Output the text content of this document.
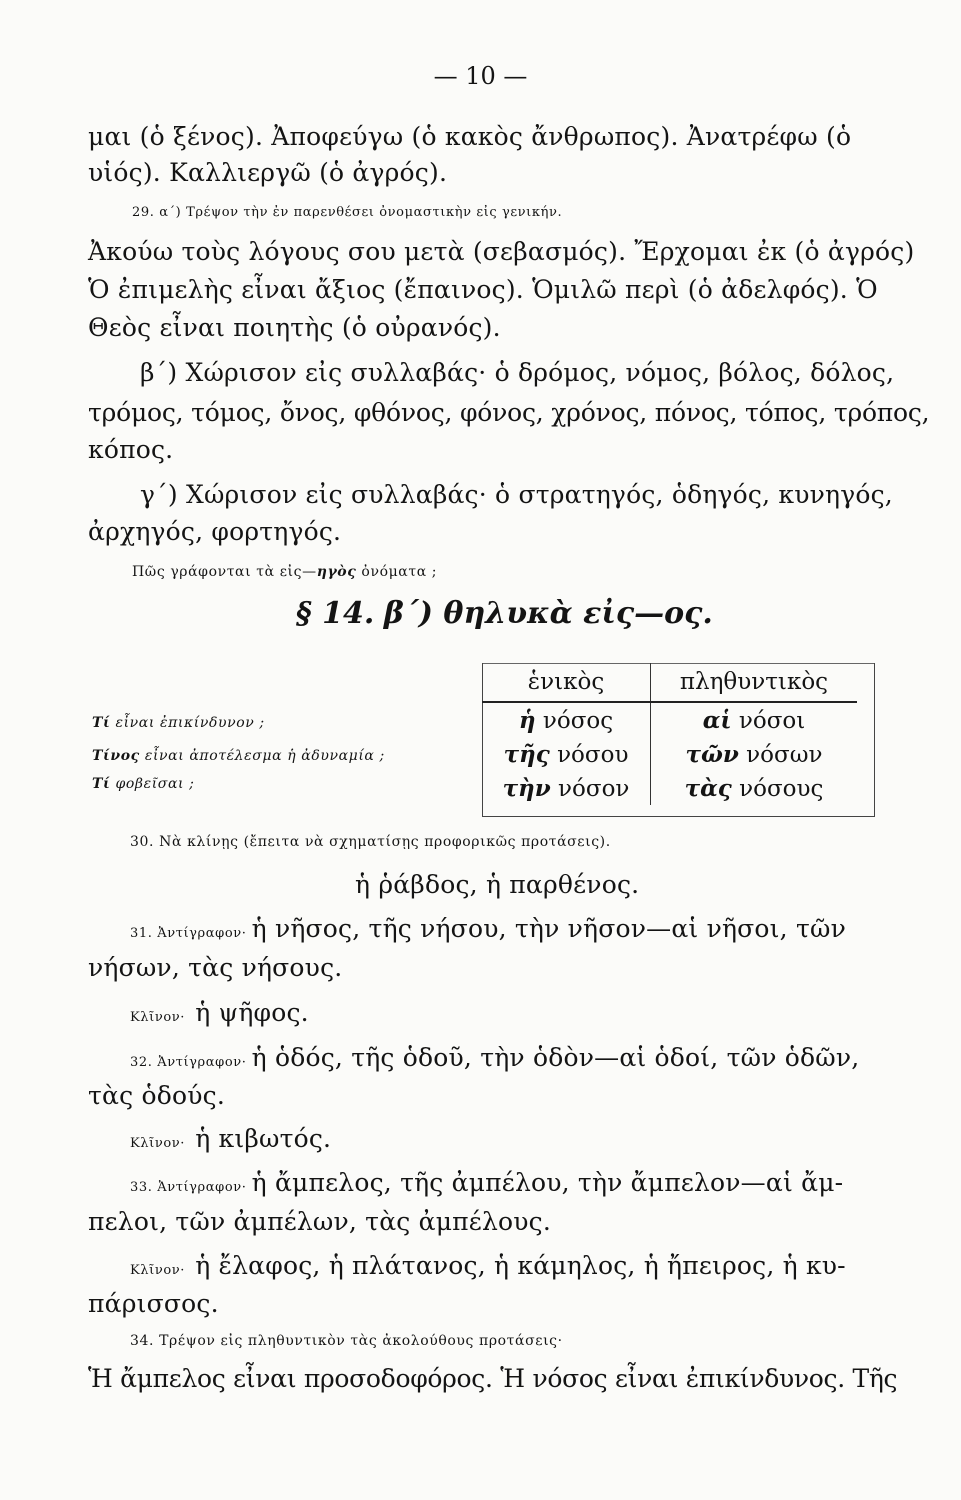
— 10 —
μαι (ὁ ξένος). Ἀποφεύγω (ὁ κακὸς ἄνθρωπος). Ἀνατρέφω (ὁ
υἱός). Καλλιεργῶ (ὁ ἀγρός).
29. α΄) Τρέψον τὴν ἐν παρενθέσει ὀνομαστικὴν εἰς γενικήν.
Ἀκούω τοὺς λόγους σου μετὰ (σεβασμός). Ἔρχομαι ἐκ (ὁ ἀγρός)
Ὁ ἐπιμελὴς εἶναι ἄξιος (ἔπαινος). Ὁμιλῶ περὶ (ὁ ἀδελφός). Ὁ
Θεὸς εἶναι ποιητὴς (ὁ οὐρανός).
β΄) Χώρισον εἰς συλλαβάς· ὁ δρόμος, νόμος, βόλος, δόλος,
τρόμος, τόμος, ὄνος, φθόνος, φόνος, χρόνος, πόνος, τόπος, τρόπος,
κόπος.
γ΄) Χώρισον εἰς συλλαβάς· ὁ στρατηγός, ὁδηγός, κυνηγός,
ἀρχηγός, φορτηγός.
Πῶς γράφονται τὰ εἰς—ηγὸς ὀνόματα ;
§ 14. β΄) θηλυκὰ εἰς—ος.
Τί εἶναι ἐπικίνδυνον ;
Τίνος εἶναι ἀποτέλεσμα ἡ ἀδυναμία ;
Τί φοβεῖσαι ;
ἑνικὸς	πληθυντικὸς
ἡ νόσος	αἱ νόσοι
τῆς νόσου	τῶν νόσων
τὴν νόσον	τὰς νόσους
30. Νὰ κλίνῃς (ἔπειτα νὰ σχηματίσῃς προφορικῶς προτάσεις).
ἡ ῥάβδος, ἡ παρθένος.
31. Ἀντίγραφον· ἡ νῆσος, τῆς νήσου, τὴν νῆσον—αἱ νῆσοι, τῶν
νήσων, τὰς νήσους.
Κλῖνον· ἡ ψῆφος.
32. Ἀντίγραφον· ἡ ὁδός, τῆς ὁδοῦ, τὴν ὁδὸν—αἱ ὁδοί, τῶν ὁδῶν,
τὰς ὁδούς.
Κλῖνον· ἡ κιβωτός.
33. Ἀντίγραφον· ἡ ἄμπελος, τῆς ἀμπέλου, τὴν ἄμπελον—αἱ ἄμ-
πελοι, τῶν ἀμπέλων, τὰς ἀμπέλους.
Κλῖνον· ἡ ἔλαφος, ἡ πλάτανος, ἡ κάμηλος, ἡ ἤπειρος, ἡ κυ-
πάρισσος.
34. Τρέψον εἰς πληθυντικὸν τὰς ἀκολούθους προτάσεις·
Ἡ ἄμπελος εἶναι προσοδοφόρος. Ἡ νόσος εἶναι ἐπικίνδυνος. Τῆς
